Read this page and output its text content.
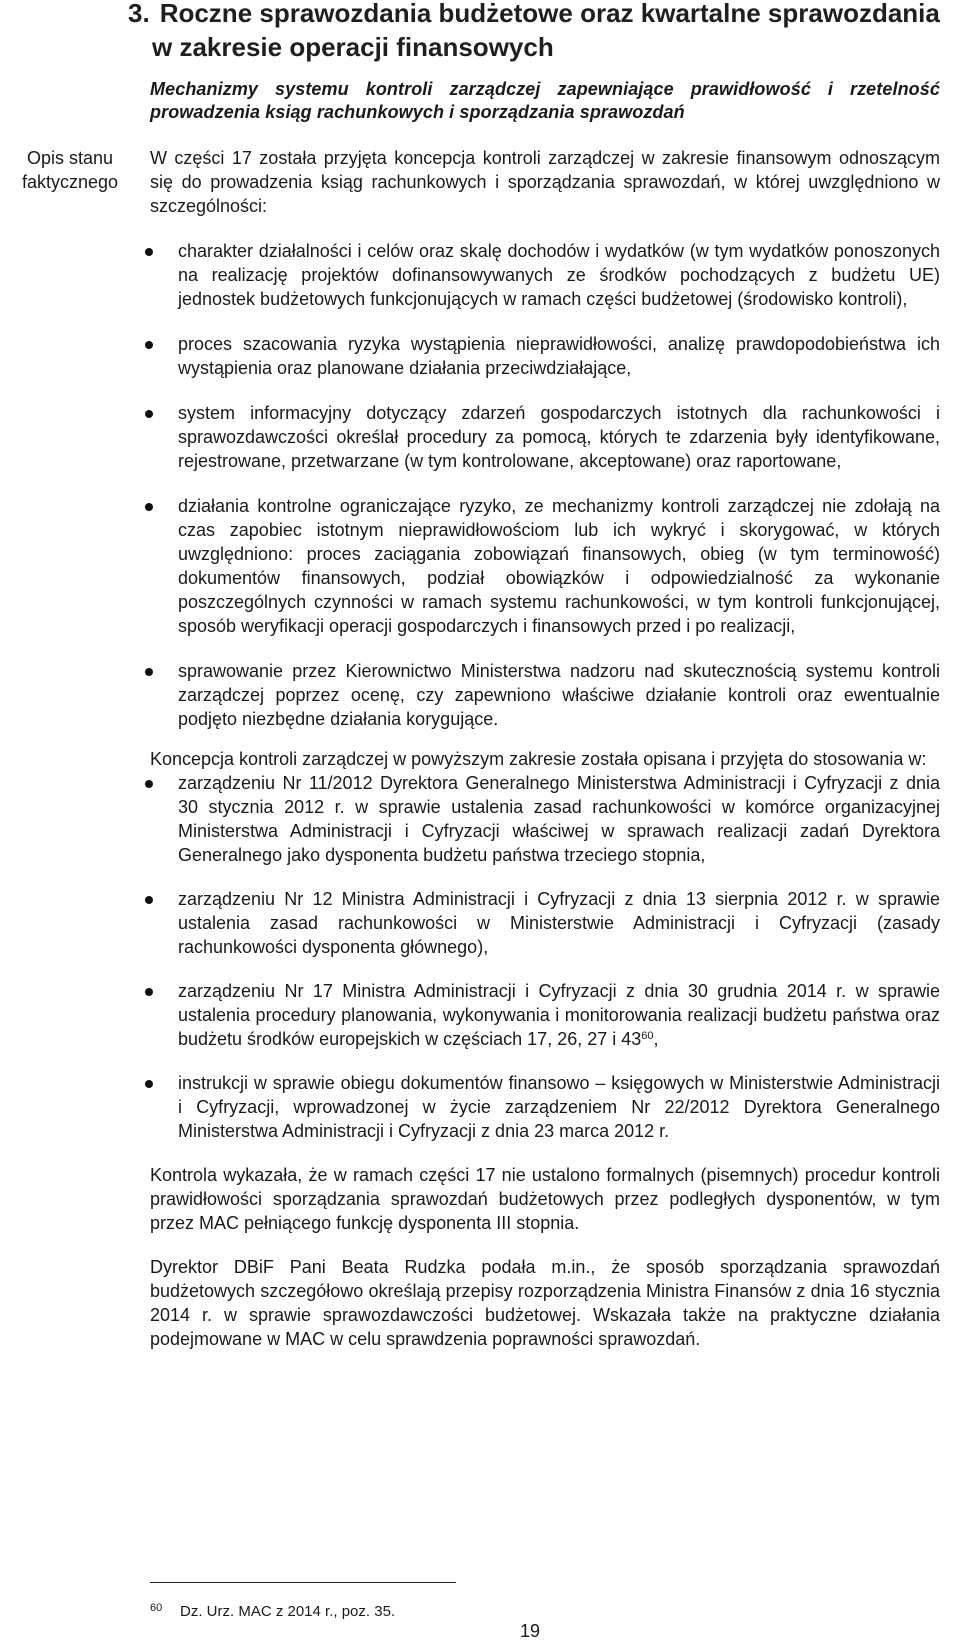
3. Roczne sprawozdania budżetowe oraz kwartalne sprawozdania
w zakresie operacji finansowych
Mechanizmy systemu kontroli zarządczej zapewniające prawidłowość i rzetelność prowadzenia ksiąg rachunkowych i sporządzania sprawozdań
Opis stanu
faktycznego

W części 17 została przyjęta koncepcja kontroli zarządczej w zakresie finansowym odnoszącym się do prowadzenia ksiąg rachunkowych i sporządzania sprawozdań, w której uwzględniono w szczególności:

charakter działalności i celów oraz skalę dochodów i wydatków (w tym wydatków ponoszonych na realizację projektów dofinansowywanych ze środków pochodzących z budżetu UE) jednostek budżetowych funkcjonujących w ramach części budżetowej (środowisko kontroli),
proces szacowania ryzyka wystąpienia nieprawidłowości, analizę prawdopodobieństwa ich wystąpienia oraz planowane działania przeciwdziałające,
system informacyjny dotyczący zdarzeń gospodarczych istotnych dla rachunkowości i sprawozdawczości określał procedury za pomocą, których te zdarzenia były identyfikowane, rejestrowane, przetwarzane (w tym kontrolowane, akceptowane) oraz raportowane,
działania kontrolne ograniczające ryzyko, ze mechanizmy kontroli zarządczej nie zdołają na czas zapobiec istotnym nieprawidłowościom lub ich wykryć i skorygować, w których uwzględniono: proces zaciągania zobowiązań finansowych, obieg (w tym terminowość) dokumentów finansowych, podział obowiązków i odpowiedzialność za wykonanie poszczególnych czynności w ramach systemu rachunkowości, w tym kontroli funkcjonującej, sposób weryfikacji operacji gospodarczych i finansowych przed i po realizacji,
sprawowanie przez Kierownictwo Ministerstwa nadzoru nad skutecznością systemu kontroli zarządczej poprzez ocenę, czy zapewniono właściwe działanie kontroli oraz ewentualnie podjęto niezbędne działania korygujące.

Koncepcja kontroli zarządczej w powyższym zakresie została opisana i przyjęta do stosowania w:

zarządzeniu Nr 11/2012 Dyrektora Generalnego Ministerstwa Administracji i Cyfryzacji z dnia 30 stycznia 2012 r. w sprawie ustalenia zasad rachunkowości w komórce organizacyjnej Ministerstwa Administracji i Cyfryzacji właściwej w sprawach realizacji zadań Dyrektora Generalnego jako dysponenta budżetu państwa trzeciego stopnia,
zarządzeniu Nr 12 Ministra Administracji i Cyfryzacji z dnia 13 sierpnia 2012 r. w sprawie ustalenia zasad rachunkowości w Ministerstwie Administracji i Cyfryzacji (zasady rachunkowości dysponenta głównego),
zarządzeniu Nr 17 Ministra Administracji i Cyfryzacji z dnia 30 grudnia 2014 r. w sprawie ustalenia procedury planowania, wykonywania i monitorowania realizacji budżetu państwa oraz budżetu środków europejskich w częściach 17, 26, 27 i 43$^{60}$,
instrukcji w sprawie obiegu dokumentów finansowo – księgowych w Ministerstwie Administracji i Cyfryzacji, wprowadzonej w życie zarządzeniem Nr 22/2012 Dyrektora Generalnego Ministerstwa Administracji i Cyfryzacji z dnia 23 marca 2012 r.

Kontrola wykazała, że w ramach części 17 nie ustalono formalnych (pisemnych) procedur kontroli prawidłowości sporządzania sprawozdań budżetowych przez podległych dysponentów, w tym przez MAC pełniącego funkcję dysponenta III stopnia.

Dyrektor DBiF Pani Beata Rudzka podała m.in., że sposób sporządzania sprawozdań budżetowych szczegółowo określają przepisy rozporządzenia Ministra Finansów z dnia 16 stycznia 2014 r. w sprawie sprawozdawczości budżetowej. Wskazała także na praktyczne działania podejmowane w MAC w celu sprawdzenia poprawności sprawozdań.

60 Dz. Urz. MAC z 2014 r., poz. 35.
19
